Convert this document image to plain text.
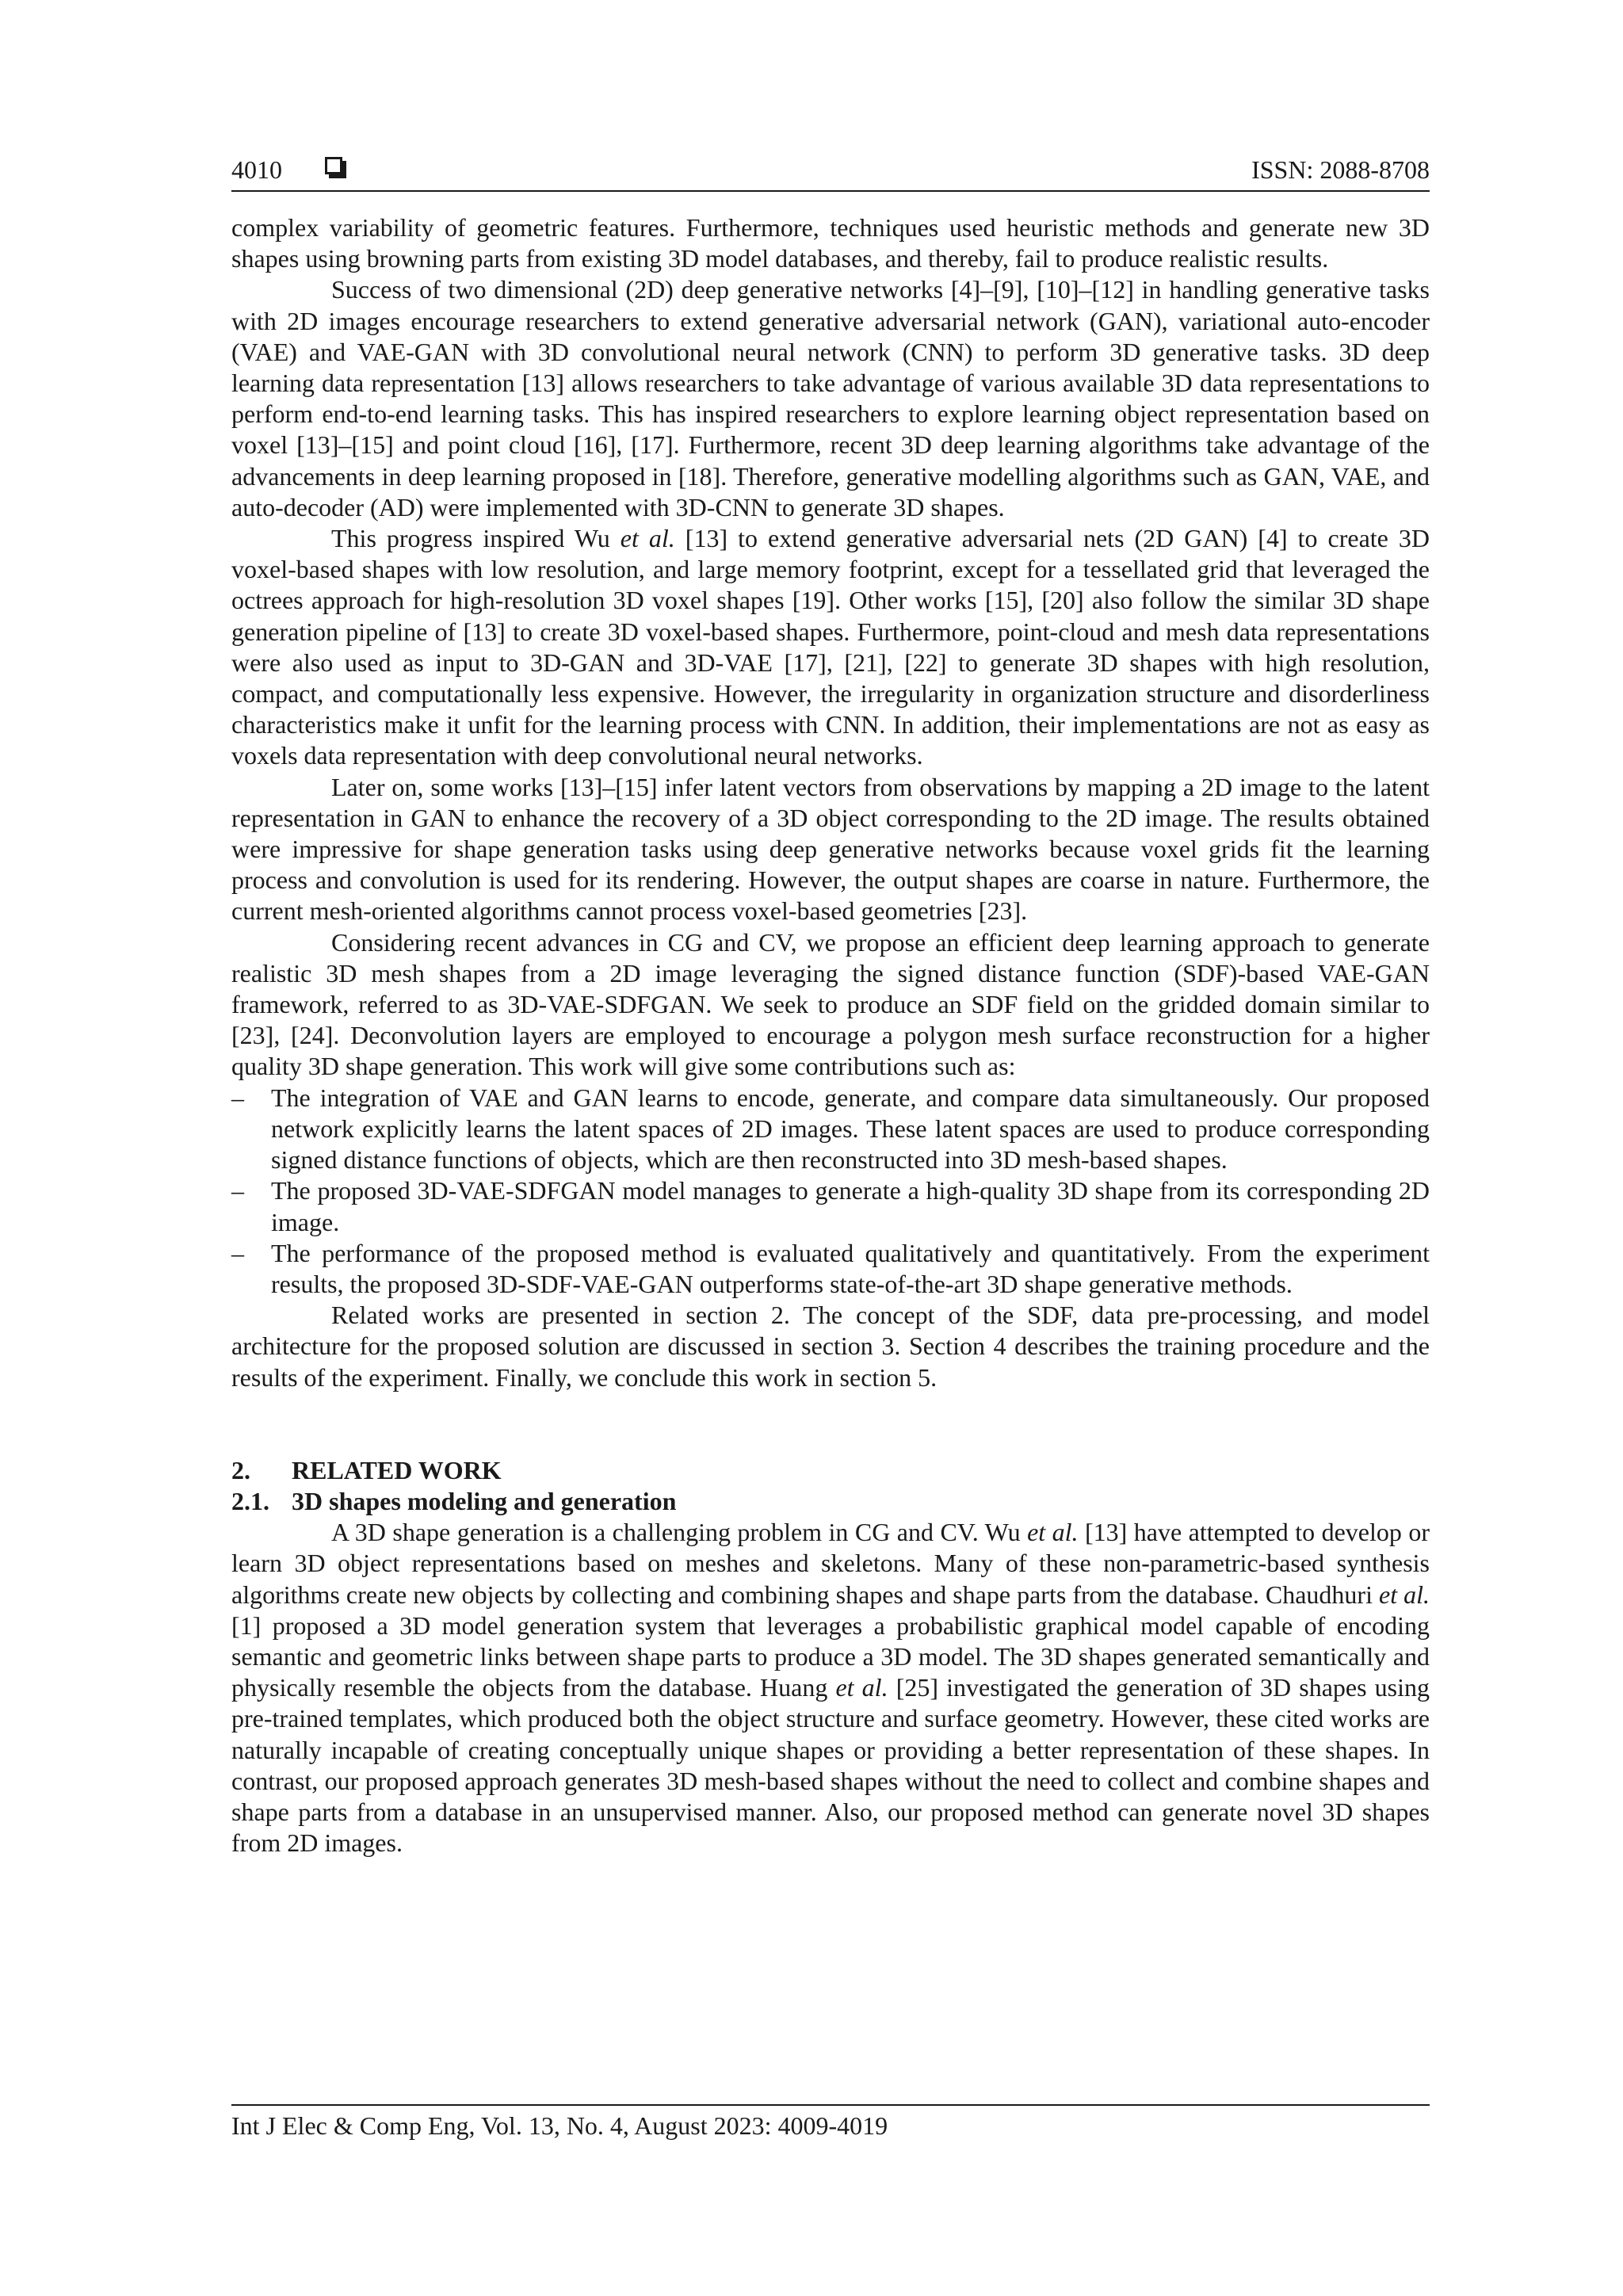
4010	ISSN: 2088-8708

complex variability of geometric features. Furthermore, techniques used heuristic methods and generate new 3D shapes using browning parts from existing 3D model databases, and thereby, fail to produce realistic results.

Success of two dimensional (2D) deep generative networks [4]–[9], [10]–[12] in handling generative tasks with 2D images encourage researchers to extend generative adversarial network (GAN), variational auto-encoder (VAE) and VAE-GAN with 3D convolutional neural network (CNN) to perform 3D generative tasks. 3D deep learning data representation [13] allows researchers to take advantage of various available 3D data representations to perform end-to-end learning tasks. This has inspired researchers to explore learning object representation based on voxel [13]–[15] and point cloud [16], [17]. Furthermore, recent 3D deep learning algorithms take advantage of the advancements in deep learning proposed in [18]. Therefore, generative modelling algorithms such as GAN, VAE, and auto-decoder (AD) were implemented with 3D-CNN to generate 3D shapes.

This progress inspired Wu et al. [13] to extend generative adversarial nets (2D GAN) [4] to create 3D voxel-based shapes with low resolution, and large memory footprint, except for a tessellated grid that leveraged the octrees approach for high-resolution 3D voxel shapes [19]. Other works [15], [20] also follow the similar 3D shape generation pipeline of [13] to create 3D voxel-based shapes. Furthermore, point-cloud and mesh data representations were also used as input to 3D-GAN and 3D-VAE [17], [21], [22] to generate 3D shapes with high resolution, compact, and computationally less expensive. However, the irregularity in organization structure and disorderliness characteristics make it unfit for the learning process with CNN. In addition, their implementations are not as easy as voxels data representation with deep convolutional neural networks.

Later on, some works [13]–[15] infer latent vectors from observations by mapping a 2D image to the latent representation in GAN to enhance the recovery of a 3D object corresponding to the 2D image. The results obtained were impressive for shape generation tasks using deep generative networks because voxel grids fit the learning process and convolution is used for its rendering. However, the output shapes are coarse in nature. Furthermore, the current mesh-oriented algorithms cannot process voxel-based geometries [23].

Considering recent advances in CG and CV, we propose an efficient deep learning approach to generate realistic 3D mesh shapes from a 2D image leveraging the signed distance function (SDF)-based VAE-GAN framework, referred to as 3D-VAE-SDFGAN. We seek to produce an SDF field on the gridded domain similar to [23], [24]. Deconvolution layers are employed to encourage a polygon mesh surface reconstruction for a higher quality 3D shape generation. This work will give some contributions such as:

– The integration of VAE and GAN learns to encode, generate, and compare data simultaneously. Our proposed network explicitly learns the latent spaces of 2D images. These latent spaces are used to produce corresponding signed distance functions of objects, which are then reconstructed into 3D mesh-based shapes.
– The proposed 3D-VAE-SDFGAN model manages to generate a high-quality 3D shape from its corresponding 2D image.
– The performance of the proposed method is evaluated qualitatively and quantitatively. From the experiment results, the proposed 3D-SDF-VAE-GAN outperforms state-of-the-art 3D shape generative methods.

Related works are presented in section 2. The concept of the SDF, data pre-processing, and model architecture for the proposed solution are discussed in section 3. Section 4 describes the training procedure and the results of the experiment. Finally, we conclude this work in section 5.

2. RELATED WORK

2.1. 3D shapes modeling and generation

A 3D shape generation is a challenging problem in CG and CV. Wu et al. [13] have attempted to develop or learn 3D object representations based on meshes and skeletons. Many of these non-parametric-based synthesis algorithms create new objects by collecting and combining shapes and shape parts from the database. Chaudhuri et al. [1] proposed a 3D model generation system that leverages a probabilistic graphical model capable of encoding semantic and geometric links between shape parts to produce a 3D model. The 3D shapes generated semantically and physically resemble the objects from the database. Huang et al. [25] investigated the generation of 3D shapes using pre-trained templates, which produced both the object structure and surface geometry. However, these cited works are naturally incapable of creating conceptually unique shapes or providing a better representation of these shapes. In contrast, our proposed approach generates 3D mesh-based shapes without the need to collect and combine shapes and shape parts from a database in an unsupervised manner. Also, our proposed method can generate novel 3D shapes from 2D images.

Int J Elec & Comp Eng, Vol. 13, No. 4, August 2023: 4009-4019
